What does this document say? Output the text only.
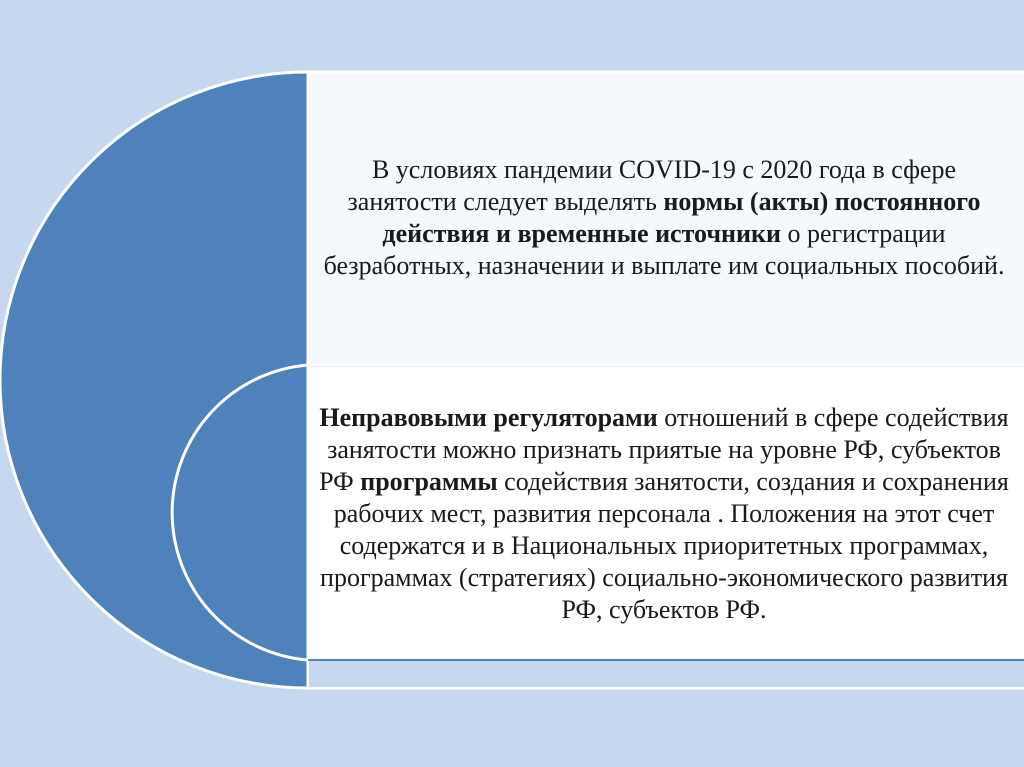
В условиях пандемии COVID-19 с 2020 года в сфере занятости следует выделять нормы (акты) постоянного действия и временные источники о регистрации безработных, назначении и выплате им социальных пособий.

Неправовыми регуляторами отношений в сфере содействия занятости можно признать приятые на уровне РФ, субъектов РФ программы содействия занятости, создания и сохранения рабочих мест, развития персонала . Положения на этот счет содержатся и в Национальных приоритетных программах, программах (стратегиях) социально-экономического развития РФ, субъектов РФ.
